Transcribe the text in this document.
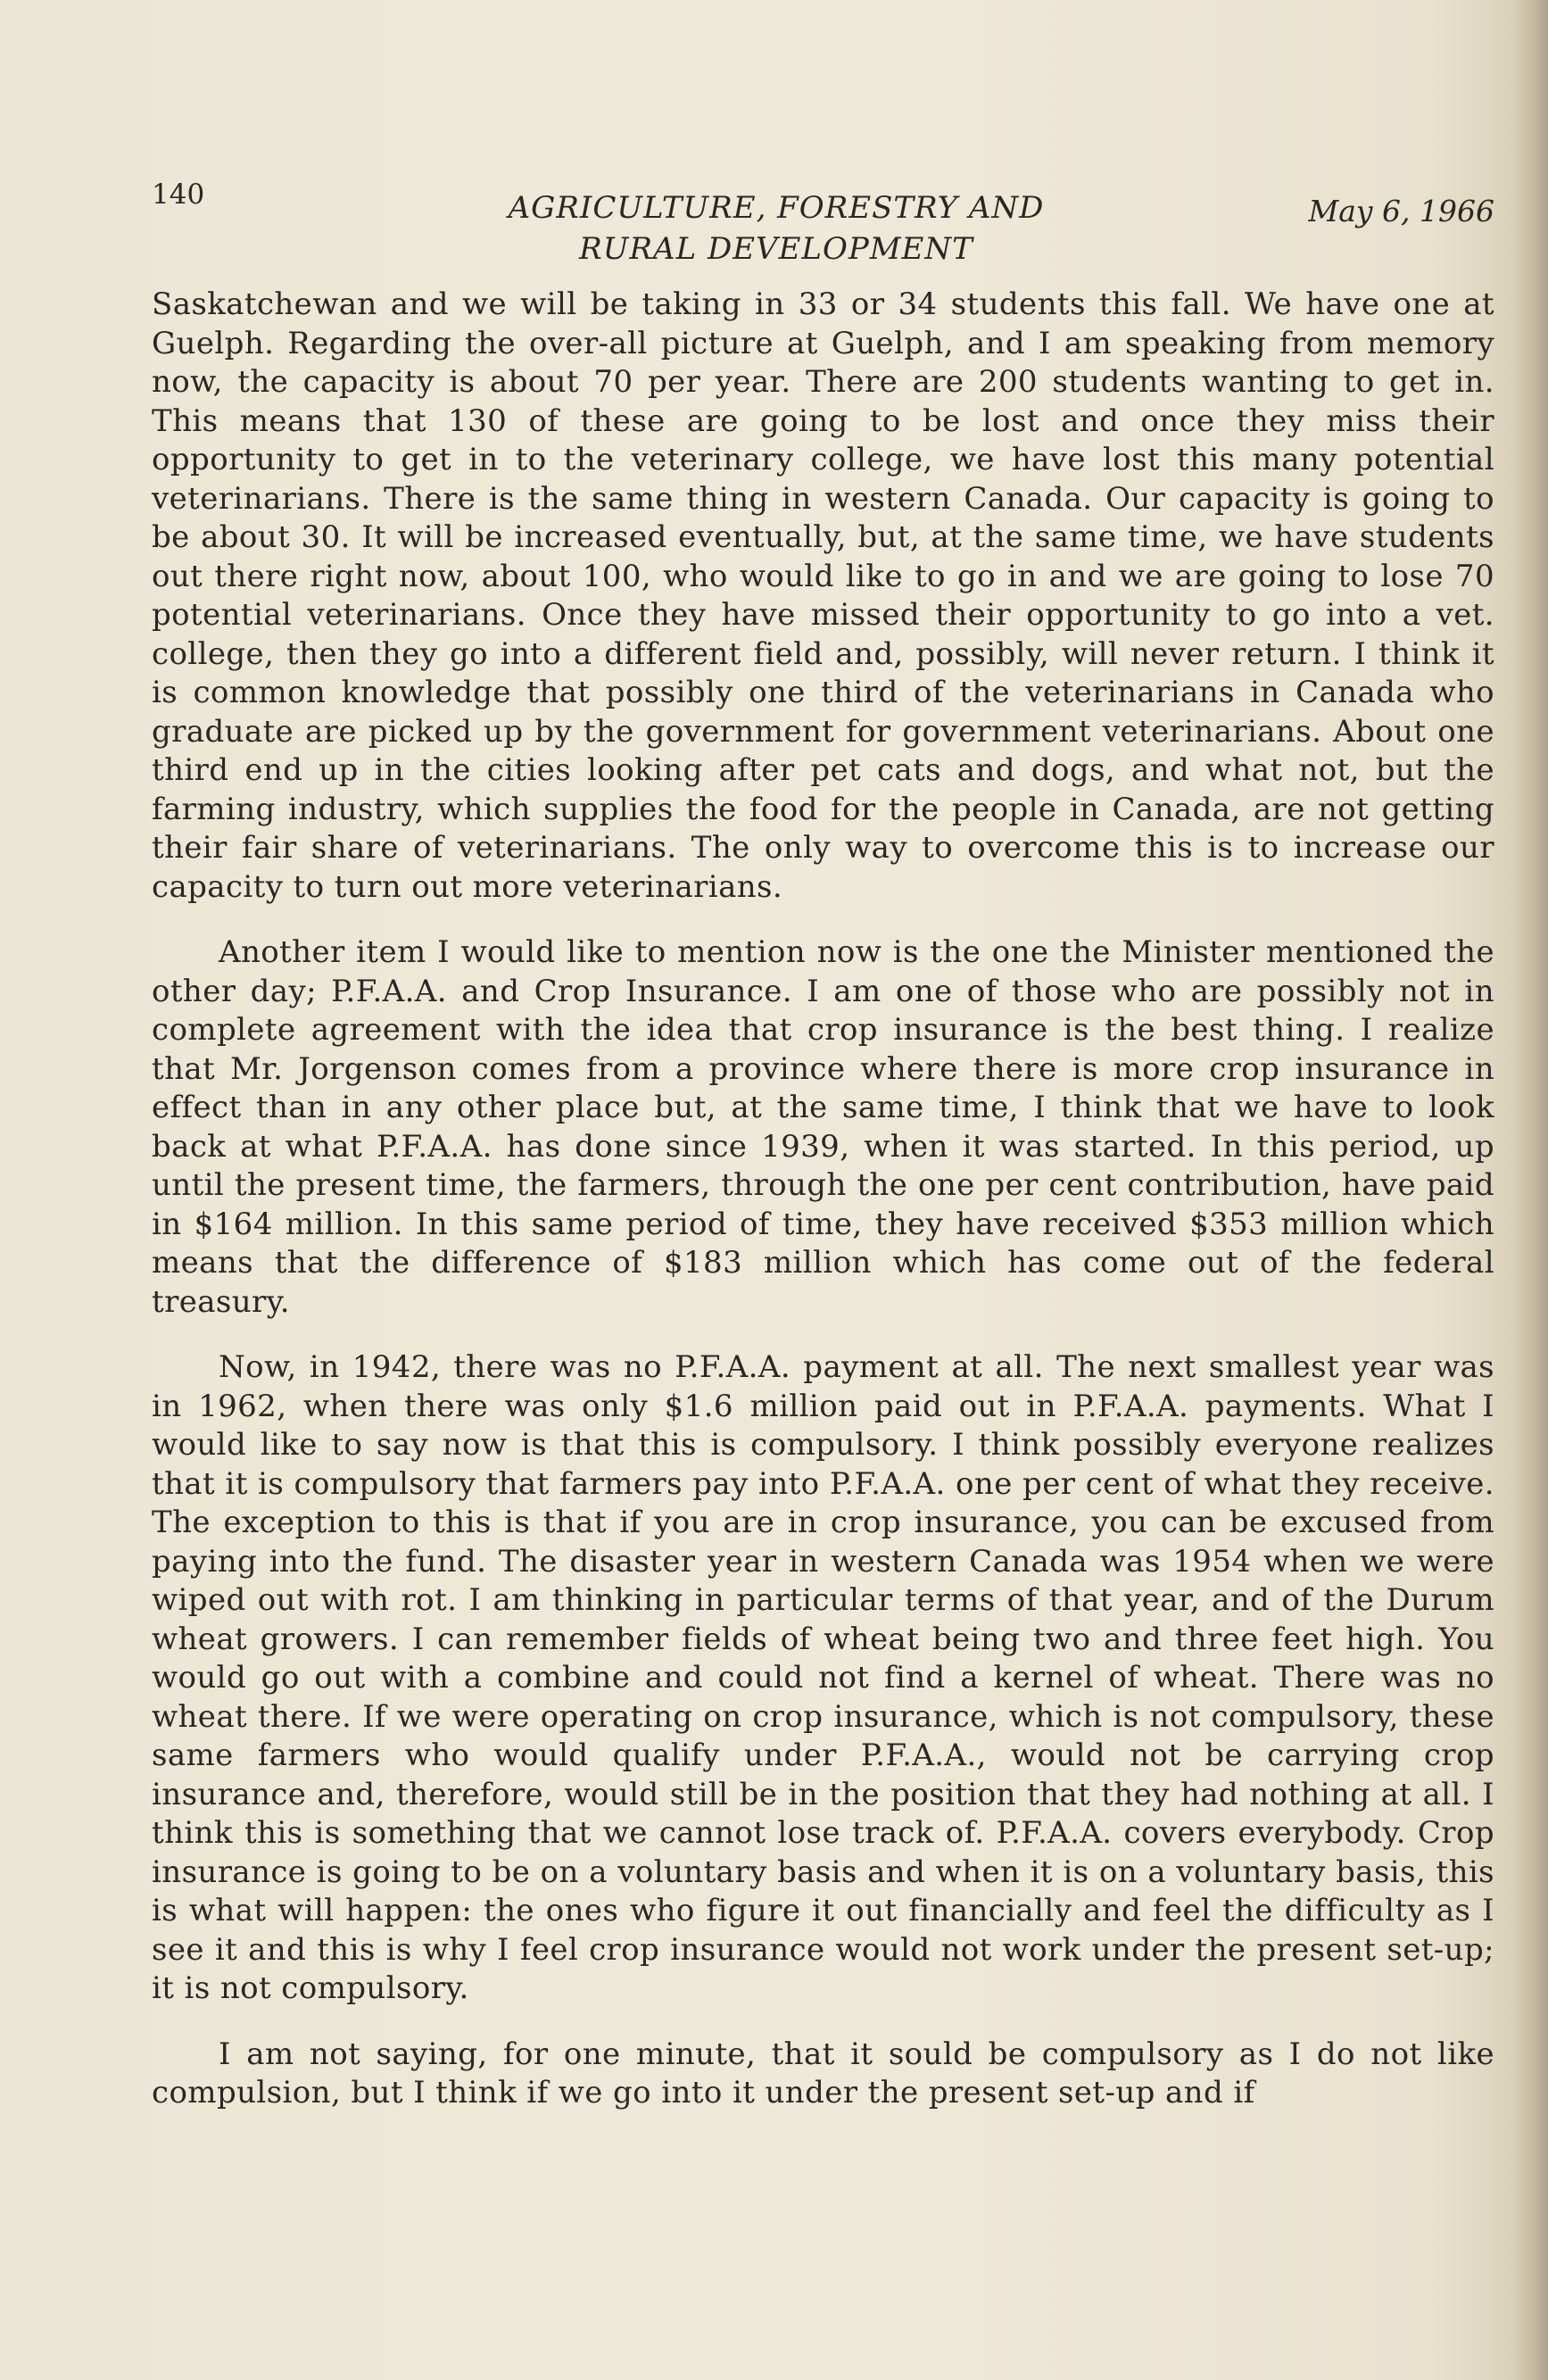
140	AGRICULTURE, FORESTRY AND
RURAL DEVELOPMENT
May 6, 1966

Saskatchewan and we will be taking in 33 or 34 students this fall. We have one at Guelph. Regarding the over-all picture at Guelph, and I am speaking from memory now, the capacity is about 70 per year. There are 200 students wanting to get in. This means that 130 of these are going to be lost and once they miss their opportunity to get in to the veterinary college, we have lost this many potential veterinarians. There is the same thing in western Canada. Our capacity is going to be about 30. It will be increased eventually, but, at the same time, we have students out there right now, about 100, who would like to go in and we are going to lose 70 potential veterinarians. Once they have missed their opportunity to go into a vet. college, then they go into a different field and, possibly, will never return. I think it is common knowledge that possibly one third of the veterinarians in Canada who graduate are picked up by the government for government veterinarians. About one third end up in the cities looking after pet cats and dogs, and what not, but the farming industry, which supplies the food for the people in Canada, are not getting their fair share of veterinarians. The only way to overcome this is to increase our capacity to turn out more veterinarians.

Another item I would like to mention now is the one the Minister mentioned the other day; P.F.A.A. and Crop Insurance. I am one of those who are possibly not in complete agreement with the idea that crop insurance is the best thing. I realize that Mr. Jorgenson comes from a province where there is more crop insurance in effect than in any other place but, at the same time, I think that we have to look back at what P.F.A.A. has done since 1939, when it was started. In this period, up until the present time, the farmers, through the one per cent contribution, have paid in $164 million. In this same period of time, they have received $353 million which means that the difference of $183 million which has come out of the federal treasury.

Now, in 1942, there was no P.F.A.A. payment at all. The next smallest year was in 1962, when there was only $1.6 million paid out in P.F.A.A. payments. What I would like to say now is that this is compulsory. I think possibly everyone realizes that it is compulsory that farmers pay into P.F.A.A. one per cent of what they receive. The exception to this is that if you are in crop insurance, you can be excused from paying into the fund. The disaster year in western Canada was 1954 when we were wiped out with rot. I am thinking in particular terms of that year, and of the Durum wheat growers. I can remember fields of wheat being two and three feet high. You would go out with a combine and could not find a kernel of wheat. There was no wheat there. If we were operating on crop insurance, which is not compulsory, these same farmers who would qualify under P.F.A.A., would not be carrying crop insurance and, therefore, would still be in the position that they had nothing at all. I think this is something that we cannot lose track of. P.F.A.A. covers everybody. Crop insurance is going to be on a voluntary basis and when it is on a voluntary basis, this is what will happen: the ones who figure it out financially and feel the difficulty as I see it and this is why I feel crop insurance would not work under the present set-up; it is not compulsory.

I am not saying, for one minute, that it sould be compulsory as I do not like compulsion, but I think if we go into it under the present set-up and if
